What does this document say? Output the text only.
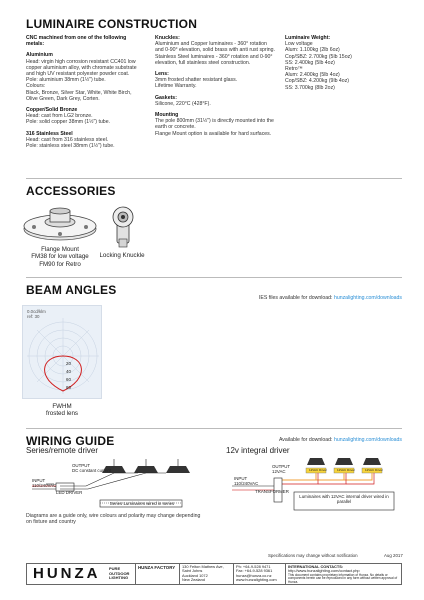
LUMINAIRE CONSTRUCTION

CNC machined from one of the following metals:

Aluminium
Head: virgin high corrosion resistant CC401 low copper aluminium alloy, with chromate substrate and high UV resistant polyester powder coat.
Pole: aluminium 38mm (1½") tube.
Colours:
Black, Bronze, Silver Star, White, White Birch, Olive Green, Dark Grey, Corten.

Copper/Solid Bronze
Head: cast from LG2 bronze.
Pole: solid copper 38mm (1½") tube.

316 Stainless Steel
Head: cast from 316 stainless steel.
Pole: stainless steel 38mm (1½") tube.

Knuckles:
Aluminium and Copper luminaires - 360° rotation and 0-90° elevation, solid brass with anti rust spring.
Stainless Steel luminaires - 360° rotation and 0-90° elevation, full stainless steel construction.

Lens:
3mm frosted shatter resistant glass.
Lifetime Warranty.

Gaskets:
Silicone, 220°C (428°F).

Mounting
The pole 800mm (31½") is directly mounted into the earth or concrete.
Flange Mount option is available for hard surfaces.

Luminaire Weight:
Low voltage
Alum: 1.100kg (2lb 6oz)
Cop/SBZ: 2.700kg (5lb 15oz)
SS: 2.400kg (5lb 4oz)
Retro™
Alum: 2.400kg (5lb 4oz)
Cop/SBZ: 4.200kg (9lb 4oz)
SS: 3.700kg (8lb 2oz)

ACCESSORIES
Flange Mount
FM38 for low voltage
FM90 for Retro
Locking Knuckle
BEAM ANGLES
IES files available for download: hunzalighting.com/downloads
0.0cd/klm
ref: 30
20
40
60
80
FWHM
frosted lens
WIRING GUIDE	Available for download: hunzalighting.com/downloads
Series/remote driver	12v integral driver
OUTPUT
DC constant current
INPUT
110/240VAC
LED DRIVER
Series Luminaires wired in series
12VAC Driver	12VAC Driver	12VAC Driver
OUTPUT
12VAC
INPUT
110/240VAC
TRANSFORMER
Luminaires with 12VAC internal driver wired in parallel
Diagrams are a guide only, wire colours and polarity may change depending on fixture and country
Specifications may change without notification	Aug 2017
HUNZA PURE
OUTDOOR
LIGHTING
HUNZA FACTORY	130 Felton Mathew Ave,
Saint Johns
Auckland 1072
New Zealand
Ph: +64-9-528 9471
Fax: +64-9-528 9361
hunza@hunza.co.nz
www.hunzalighting.com
INTERNATIONAL CONTACTS:
http://www.hunzalighting.com/contact.php
This document contains proprietary information of Hunza. No details or components herein can be reproduced in any form without written approval of Hunza.
